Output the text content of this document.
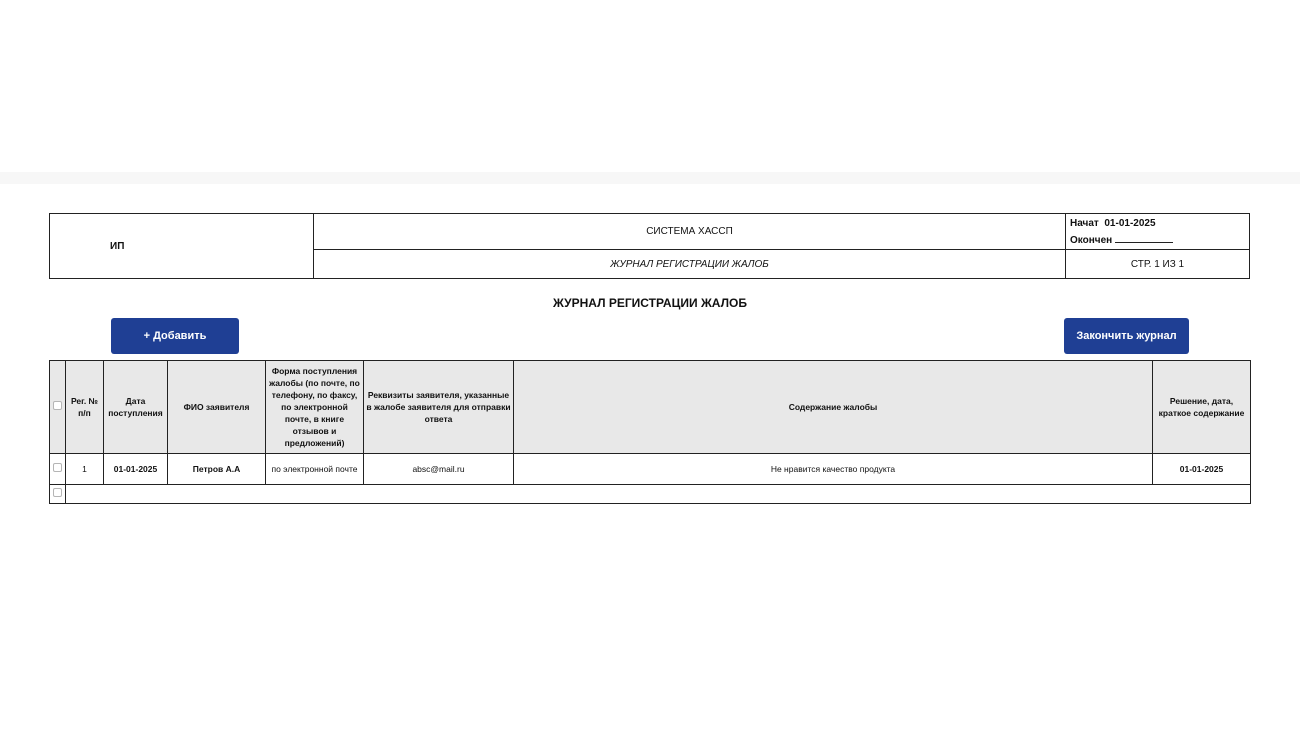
ИП	СИСТЕМА ХАССП	Начат 01-01-2025
Окончен

	ЖУРНАЛ РЕГИСТРАЦИИ ЖАЛОБ	СТР. 1 ИЗ 1
ЖУРНАЛ РЕГИСТРАЦИИ ЖАЛОБ
+ Добавить	Закончить журнал
	Рег. № п/п	Дата поступления	ФИО заявителя	Форма поступления жалобы (по почте, по телефону, по факсу, по электронной почте, в книге отзывов и предложений)	Реквизиты заявителя, указанные в жалобе заявителя для отправки ответа	Содержание жалобы	Решение, дата, краткое содержание
	1	01-01-2025	Петров А.А	по электронной почте	absc@mail.ru	Не нравится качество продукта	01-01-2025
